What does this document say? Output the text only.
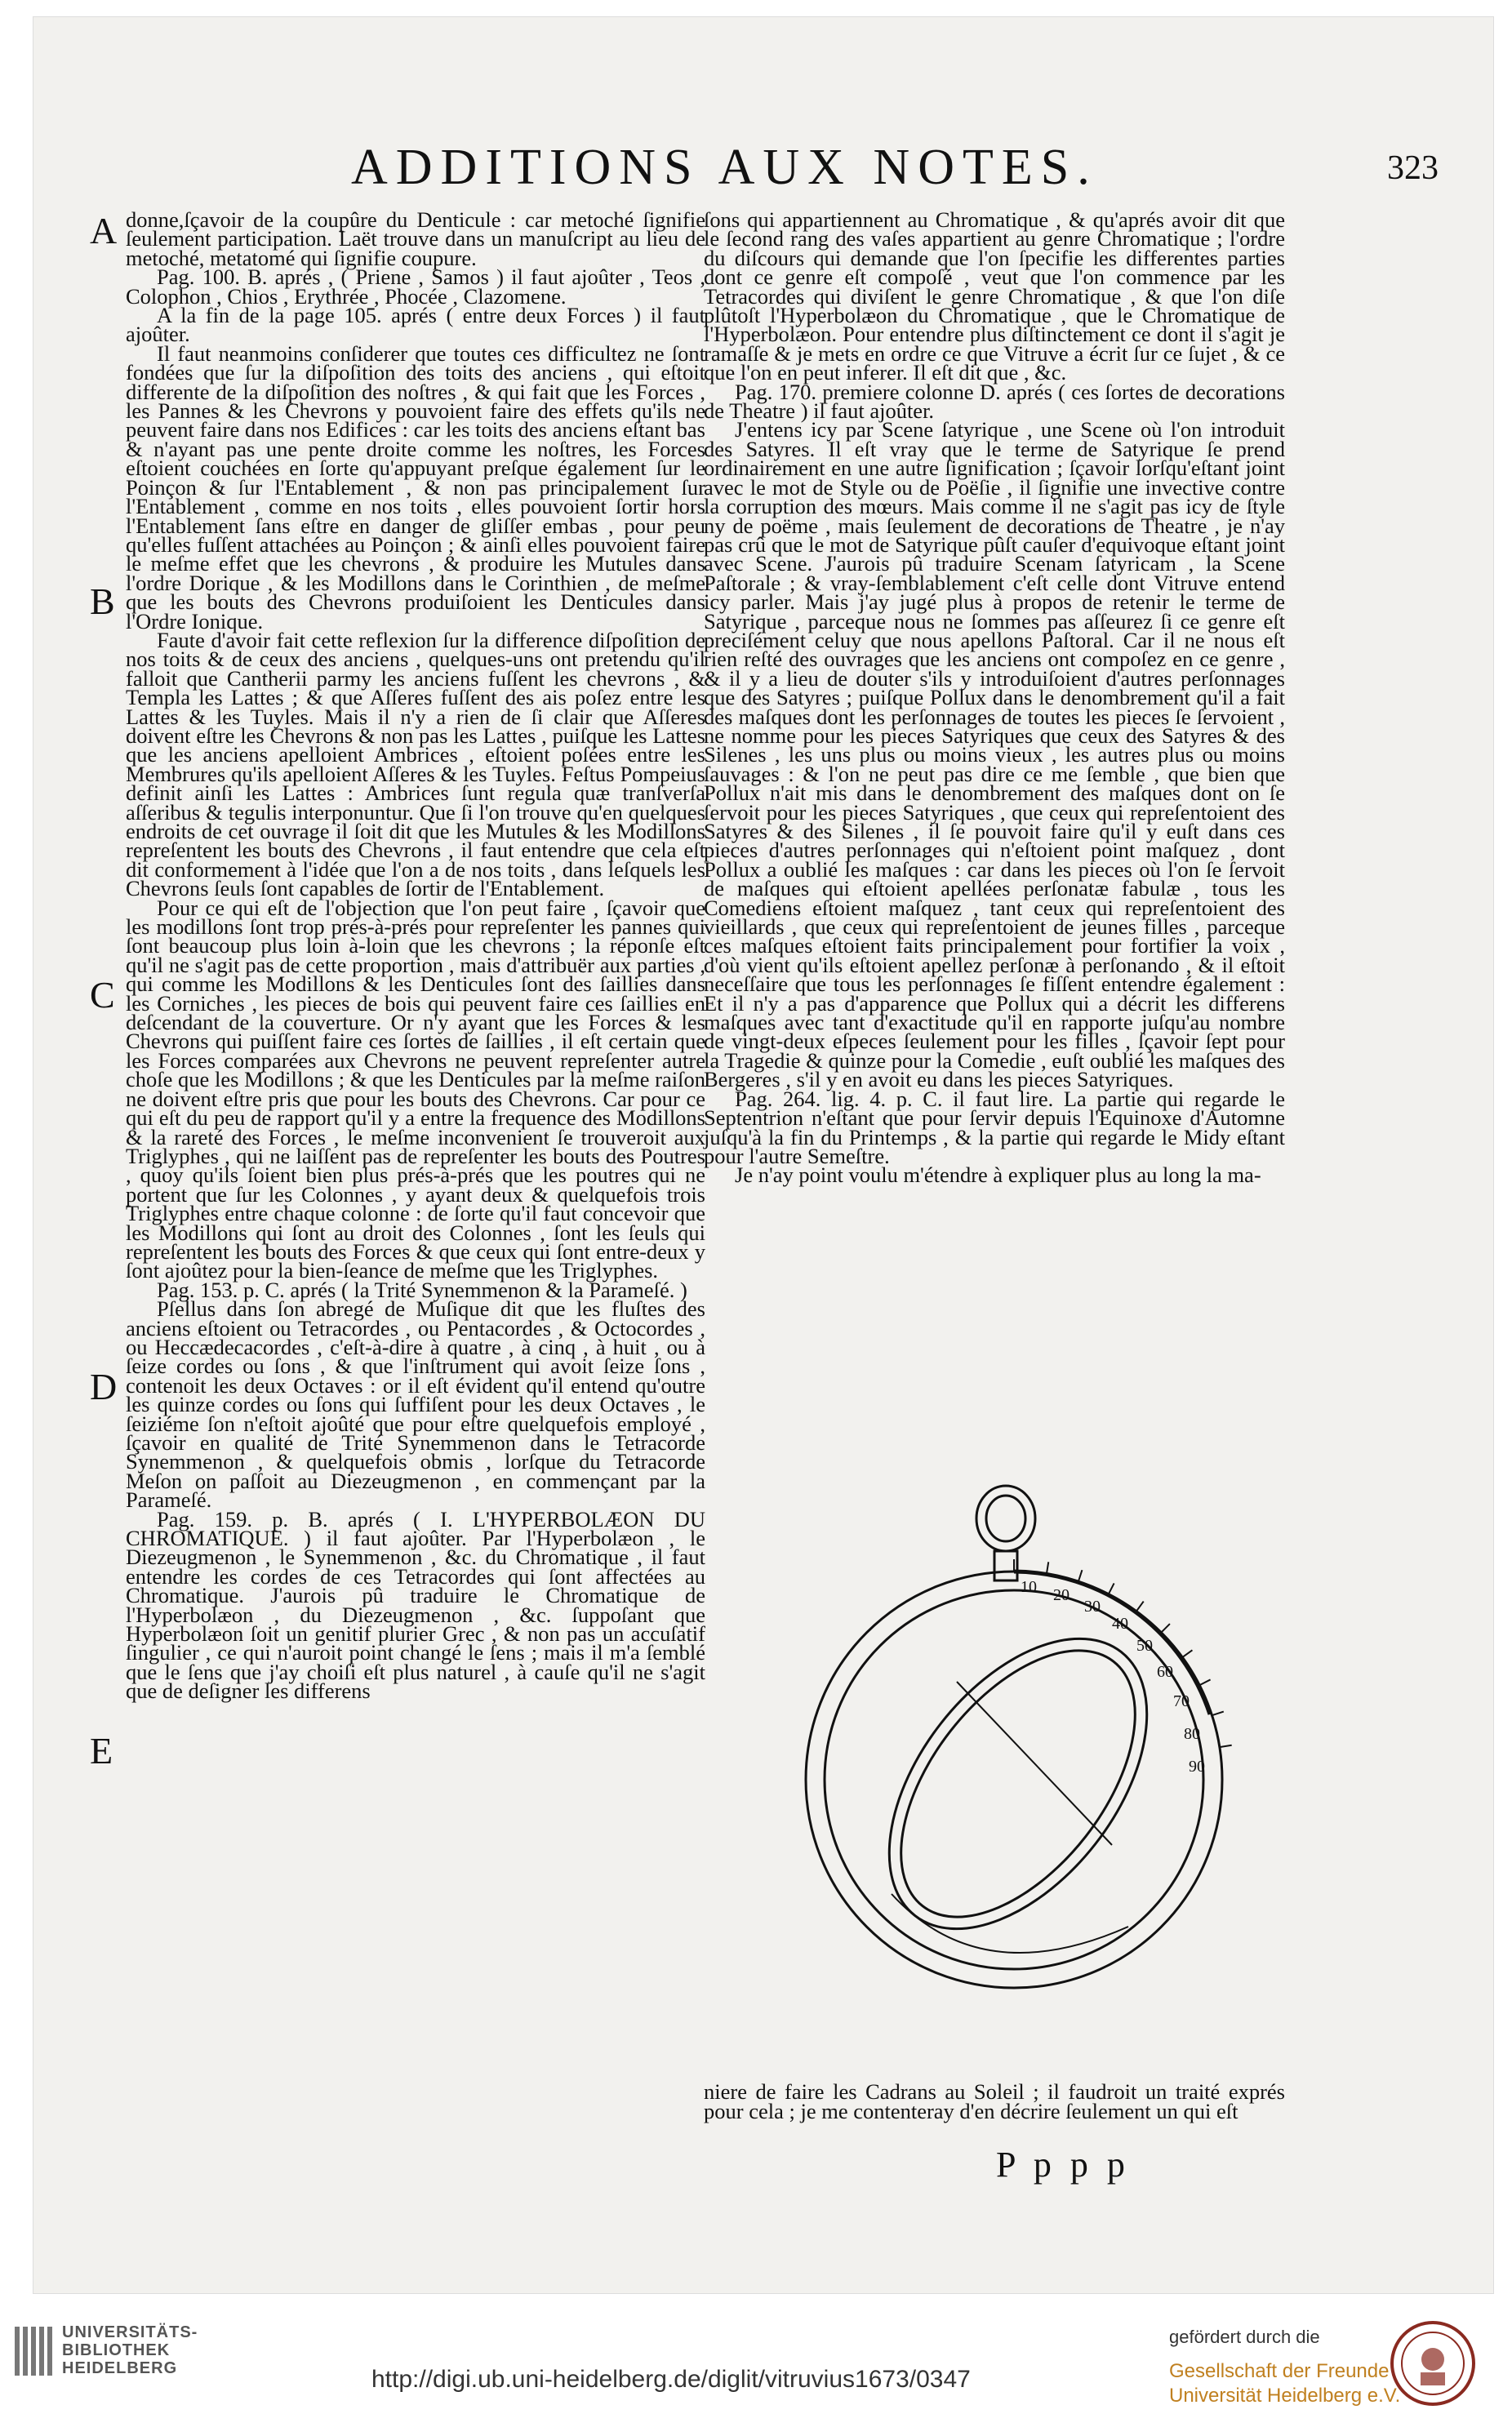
ADDITIONS AUX NOTES.	323
A
B
C
D
E

donne,ſçavoir de la coupûre du Denticule : car metoché ſignifie ſeulement participation. Laët trouve dans un manuſcript au lieu de metoché, metatomé qui ſignifie coupure.

Pag. 100. B. aprés , ( Priene , Samos ) il faut ajoûter , Teos , Colophon , Chios , Erythrée , Phocée , Clazomene.

A la fin de la page 105. aprés ( entre deux Forces ) il faut ajoûter.

Il faut neanmoins conſiderer que toutes ces difficultez ne ſont fondées que ſur la diſpoſition des toits des anciens , qui eſtoit differente de la diſpoſition des noſtres , & qui fait que les Forces , les Pannes & les Chevrons y pouvoient faire des effets qu'ils ne peuvent faire dans nos Edifices : car les toits des anciens eſtant bas & n'ayant pas une pente droite comme les noſtres, les Forces eſtoient couchées en ſorte qu'appuyant preſque également ſur le Poinçon & ſur l'Entablement , & non pas principalement ſur l'Entablement , comme en nos toits , elles pouvoient ſortir hors l'Entablement ſans eſtre en danger de gliſſer embas , pour peu qu'elles fuſſent attachées au Poinçon ; & ainſi elles pouvoient faire le meſme effet que les chevrons , & produire les Mutules dans l'ordre Dorique , & les Modillons dans le Corinthien , de meſme que les bouts des Chevrons produiſoient les Denticules dans l'Ordre Ionique.

Faute d'avoir fait cette reflexion ſur la difference diſpoſition de nos toits & de ceux des anciens , quelques-uns ont pretendu qu'il falloit que Cantherii parmy les anciens fuſſent les chevrons , & Templa les Lattes ; & que Aſſeres fuſſent des ais poſez entre les Lattes & les Tuyles. Mais il n'y a rien de ſi clair que Aſſeres doivent eſtre les Chevrons & non pas les Lattes , puiſque les Lattes que les anciens apelloient Ambrices , eſtoient poſées entre les Membrures qu'ils apelloient Aſſeres & les Tuyles. Feſtus Pompeius definit ainſi les Lattes : Ambrices ſunt regula quæ tranſverſa aſſeribus & tegulis interponuntur. Que ſi l'on trouve qu'en quelques endroits de cet ouvrage il ſoit dit que les Mutules & les Modillons repreſentent les bouts des Chevrons , il faut entendre que cela eſt dit conformement à l'idée que l'on a de nos toits , dans leſquels les Chevrons ſeuls ſont capables de ſortir de l'Entablement.

Pour ce qui eſt de l'objection que l'on peut faire , ſçavoir que les modillons ſont trop prés-à-prés pour repreſenter les pannes qui ſont beaucoup plus loin à-loin que les chevrons ; la réponſe eſt qu'il ne s'agit pas de cette proportion , mais d'attribuër aux parties , qui comme les Modillons & les Denticules ſont des ſaillies dans les Corniches , les pieces de bois qui peuvent faire ces ſaillies en deſcendant de la couverture. Or n'y ayant que les Forces & les Chevrons qui puiſſent faire ces ſortes de ſaillies , il eſt certain que les Forces comparées aux Chevrons ne peuvent repreſenter autre choſe que les Modillons ; & que les Denticules par la meſme raiſon ne doivent eſtre pris que pour les bouts des Chevrons. Car pour ce qui eſt du peu de rapport qu'il y a entre la frequence des Modillons & la rareté des Forces , le meſme inconvenient ſe trouveroit aux Triglyphes , qui ne laiſſent pas de repreſenter les bouts des Poutres , quoy qu'ils ſoient bien plus prés-à-prés que les poutres qui ne portent que ſur les Colonnes , y ayant deux & quelquefois trois Triglyphes entre chaque colonne : de ſorte qu'il faut concevoir que les Modillons qui ſont au droit des Colonnes , ſont les ſeuls qui repreſentent les bouts des Forces & que ceux qui ſont entre-deux y ſont ajoûtez pour la bien-ſeance de meſme que les Triglyphes.

Pag. 153. p. C. aprés ( la Trité Synemmenon & la Parameſé. )

Pſellus dans ſon abregé de Muſique dit que les fluſtes des anciens eſtoient ou Tetracordes , ou Pentacordes , & Octocordes , ou Heccædecacordes , c'eſt-à-dire à quatre , à cinq , à huit , ou à ſeize cordes ou ſons , & que l'inſtrument qui avoit ſeize ſons , contenoit les deux Octaves : or il eſt évident qu'il entend qu'outre les quinze cordes ou ſons qui ſuffiſent pour les deux Octaves , le ſeiziéme ſon n'eſtoit ajoûté que pour eſtre quelquefois employé , ſçavoir en qualité de Trité Synemmenon dans le Tetracorde Synemmenon , & quelquefois obmis , lorſque du Tetracorde Meſon on paſſoit au Diezeugmenon , en commençant par la Parameſé.

Pag. 159. p. B. aprés ( I. L'HYPERBOLÆON DU CHROMATIQUE. ) il faut ajoûter. Par l'Hyperbolæon , le Diezeugmenon , le Synemmenon , &c. du Chromatique , il faut entendre les cordes de ces Tetracordes qui ſont affectées au Chromatique. J'aurois pû traduire le Chromatique de l'Hyperbolæon , du Diezeugmenon , &c. ſuppoſant que Hyperbolæon ſoit un genitif plurier Grec , & non pas un accuſatif ſingulier , ce qui n'auroit point changé le ſens ; mais il m'a ſemblé que le ſens que j'ay choiſi eſt plus naturel , à cauſe qu'il ne s'agit que de deſigner les differens

ſons qui appartiennent au Chromatique , & qu'aprés avoir dit que le ſecond rang des vaſes appartient au genre Chromatique ; l'ordre du diſcours qui demande que l'on ſpecifie les differentes parties dont ce genre eſt compoſé , veut que l'on commence par les Tetracordes qui diviſent le genre Chromatique , & que l'on diſe plûtoſt l'Hyperbolæon du Chromatique , que le Chromatique de l'Hyperbolæon. Pour entendre plus diſtinctement ce dont il s'agit je ramaſſe & je mets en ordre ce que Vitruve a écrit ſur ce ſujet , & ce que l'on en peut inferer. Il eſt dit que , &c.

Pag. 170. premiere colonne D. aprés ( ces ſortes de decorations de Theatre ) il faut ajoûter.

J'entens icy par Scene ſatyrique , une Scene où l'on introduit des Satyres. Il eſt vray que le terme de Satyrique ſe prend ordinairement en une autre ſignification ; ſçavoir lorſqu'eſtant joint avec le mot de Style ou de Poëſie , il ſignifie une invective contre la corruption des mœurs. Mais comme il ne s'agit pas icy de ſtyle ny de poëme , mais ſeulement de decorations de Theatre , je n'ay pas crû que le mot de Satyrique pûſt cauſer d'equivoque eſtant joint avec Scene. J'aurois pû traduire Scenam ſatyricam , la Scene Paſtorale ; & vray-ſemblablement c'eſt celle dont Vitruve entend icy parler. Mais j'ay jugé plus à propos de retenir le terme de Satyrique , parceque nous ne ſommes pas aſſeurez ſi ce genre eſt preciſément celuy que nous apellons Paſtoral. Car il ne nous eſt rien reſté des ouvrages que les anciens ont compoſez en ce genre , & il y a lieu de douter s'ils y introduiſoient d'autres perſonnages que des Satyres ; puiſque Pollux dans le denombrement qu'il a fait des maſques dont les perſonnages de toutes les pieces ſe ſervoient , ne nomme pour les pieces Satyriques que ceux des Satyres & des Silenes , les uns plus ou moins vieux , les autres plus ou moins ſauvages : & l'on ne peut pas dire ce me ſemble , que bien que Pollux n'ait mis dans le denombrement des maſques dont on ſe ſervoit pour les pieces Satyriques , que ceux qui repreſentoient des Satyres & des Silenes , il ſe pouvoit faire qu'il y euſt dans ces pieces d'autres perſonnages qui n'eſtoient point maſquez , dont Pollux a oublié les maſques : car dans les pieces où l'on ſe ſervoit de maſques qui eſtoient apellées perſonatæ fabulæ , tous les Comediens eſtoient maſquez , tant ceux qui repreſentoient des vieillards , que ceux qui repreſentoient de jeunes filles , parceque ces maſques eſtoient faits principalement pour fortifier la voix , d'où vient qu'ils eſtoient apellez perſonæ à perſonando , & il eſtoit neceſſaire que tous les perſonnages ſe fiſſent entendre également : Et il n'y a pas d'apparence que Pollux qui a décrit les differens maſques avec tant d'exactitude qu'il en rapporte juſqu'au nombre de vingt-deux eſpeces ſeulement pour les filles , ſçavoir ſept pour la Tragedie & quinze pour la Comedie , euſt oublié les maſques des Bergeres , s'il y en avoit eu dans les pieces Satyriques.

Pag. 264. lig. 4. p. C. il faut lire. La partie qui regarde le Septentrion n'eſtant que pour ſervir depuis l'Equinoxe d'Automne juſqu'à la fin du Printemps , & la partie qui regarde le Midy eſtant pour l'autre Semeſtre.

Je n'ay point voulu m'étendre à expliquer plus au long la ma-

10 20
30
40
50
60
70
80
90
niere de faire les Cadrans au Soleil ; il faudroit un traité exprés pour cela ; je me contenteray d'en décrire ſeulement un qui eſt
P p p p
UNIVERSITÄTS-
BIBLIOTHEK
HEIDELBERG	http://digi.ub.uni-heidelberg.de/diglit/vitruvius1673/0347
gefördert durch die
Gesellschaft der Freunde
Universität Heidelberg e.V.
